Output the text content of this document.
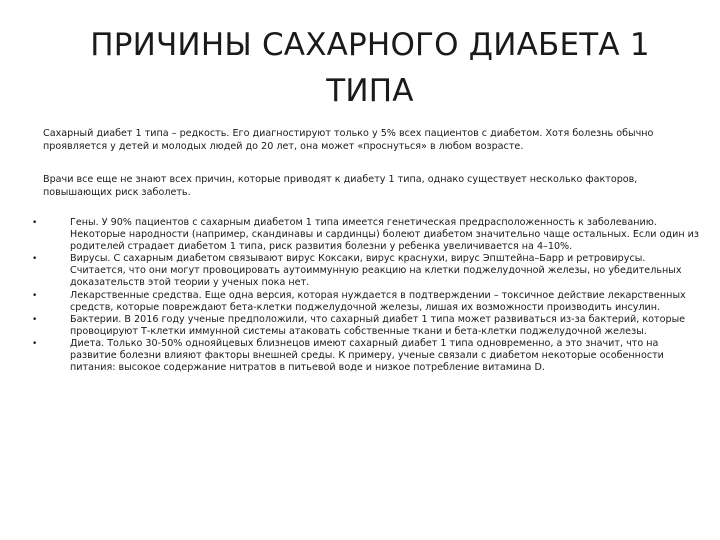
ПРИЧИНЫ САХАРНОГО ДИАБЕТА 1 ТИПА

Сахарный диабет 1 типа – редкость. Его диагностируют только у 5% всех пациентов с диабетом. Хотя болезнь обычно проявляется у детей и молодых людей до 20 лет, она может «проснуться» в любом возрасте.

Врачи все еще не знают всех причин, которые приводят к диабету 1 типа, однако существует несколько факторов, повышающих риск заболеть.

•	Гены. У 90% пациентов с сахарным диабетом 1 типа имеется генетическая предрасположенность к заболеванию. Некоторые народности (например, скандинавы и сардинцы) болеют диабетом значительно чаще остальных. Если один из родителей страдает диабетом 1 типа, риск развития болезни у ребенка увеличивается на 4–10%.
•	Вирусы. С сахарным диабетом связывают вирус Коксаки, вирус краснухи, вирус Эпштейна–Барр и ретровирусы. Считается, что они могут провоцировать аутоиммунную реакцию на клетки поджелудочной железы, но убедительных доказательств этой теории у ученых пока нет.
•	Лекарственные средства. Еще одна версия, которая нуждается в подтверждении – токсичное действие лекарственных средств, которые повреждают бета-клетки поджелудочной железы, лишая их возможности производить инсулин.
•	Бактерии. В 2016 году ученые предположили, что сахарный диабет 1 типа может развиваться из-за бактерий, которые провоцируют Т-клетки иммунной системы атаковать собственные ткани и бета-клетки поджелудочной железы.
•	Диета. Только 30-50% однояйцевых близнецов имеют сахарный диабет 1 типа одновременно, а это значит, что на развитие болезни влияют факторы внешней среды. К примеру, ученые связали с диабетом некоторые особенности питания: высокое содержание нитратов в питьевой воде и низкое потребление витамина D.
